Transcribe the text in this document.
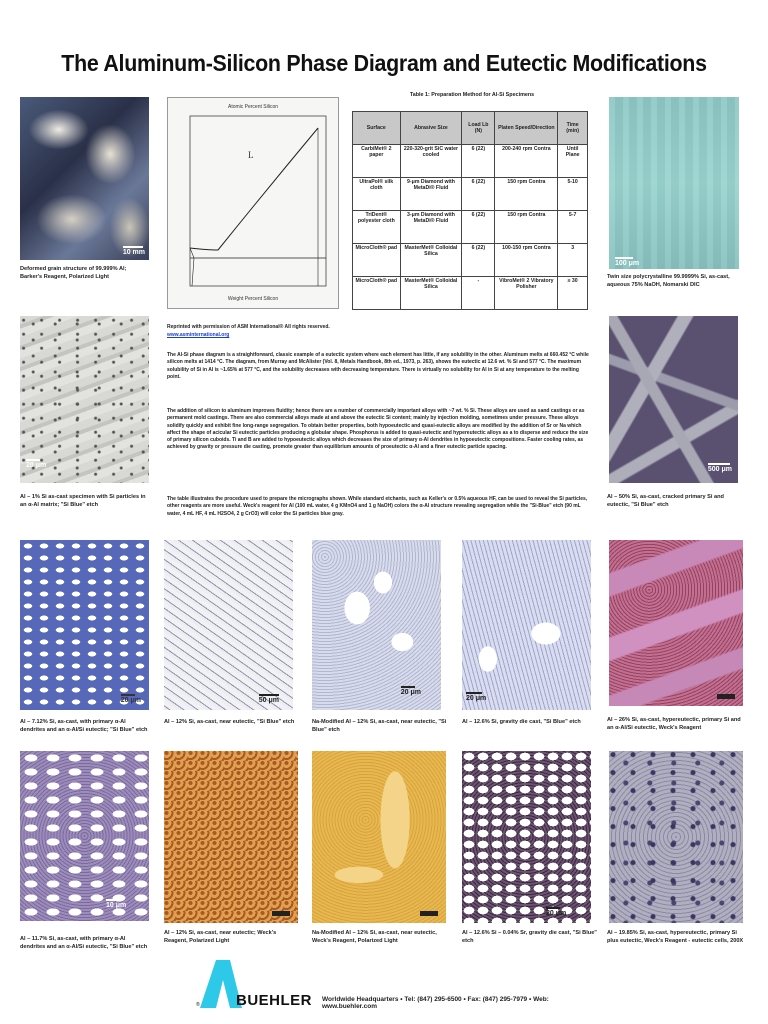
The Aluminum-Silicon Phase Diagram and Eutectic Modifications
10 mm
Deformed grain structure of 99.999% Al; Barker's Reagent, Polarized Light
Atomic Percent Silicon
L
Weight Percent Silicon
Reprinted with permission of ASM International® All rights reserved.
www.asminternational.org
Table 1: Preparation Method for Al-Si Specimens
Surface	Abrasive Size	Load Lb (N)	Platen Speed/Direction	Time (min)
CarbiMet® 2 paper	220-320-grit SiC water cooled	6 (22)	200-240 rpm Contra	Until Plane
UltraPol® silk cloth	9-μm Diamond with MetaDi® Fluid	6 (22)	150 rpm Contra	5-10
TriDent® polyester cloth	3-μm Diamond with MetaDi® Fluid	6 (22)	150 rpm Contra	5-7
MicroCloth® pad	MasterMet® Colloidal Silica	6 (22)	100-150 rpm Contra	3
MicroCloth® pad	MasterMet® Colloidal Silica	-	VibroMet® 2 Vibratory Polisher	≥ 30
100 μm
Twin size polycrystalline 99.9999% Si, as-cast, aqueous 75% NaOH, Nomarski DIC
20 μm
Al – 1% Si as-cast specimen with Si particles in an α-Al matrix; "Si Blue" etch
The Al-Si phase diagram is a straightforward, classic example of a eutectic system where each element has little, if any solubility in the other. Aluminum melts at 660.452 °C while silicon melts at 1414 °C. The diagram, from Murray and McAlister (Vol. 8, Metals Handbook, 8th ed., 1973, p. 263), shows the eutectic at 12.6 wt. % Si and 577 °C. The maximum solubility of Si in Al is ~1.65% at 577 °C, and the solubility decreases with decreasing temperature. There is virtually no solubility for Al in Si at any temperature to the melting point.
The addition of silicon to aluminum improves fluidity; hence there are a number of commercially important alloys with ~7 wt. % Si. These alloys are used as sand castings or as permanent mold castings. There are also commercial alloys made at and above the eutectic Si content; mainly by injection molding, sometimes under pressure. These alloys solidify quickly and exhibit fine long-range segregation. To obtain better properties, both hypoeutectic and quasi-eutectic alloys are modified by the addition of Sr or Na which affect the shape of acicular Si eutectic particles producing a globular shape. Phosphorus is added to quasi-eutectic and hypereutectic alloys as a to disperse and reduce the size of primary silicon cuboids. Ti and B are added to hypoeutectic alloys which decreases the size of primary α-Al dendrites in hypoeutectic compositions. Faster cooling rates, as achieved by gravity or pressure die casting, promote greater than equilibrium amounts of proeutectic α-Al and a finer eutectic particle spacing.
The table illustrates the procedure used to prepare the micrographs shown. While standard etchants, such as Keller's or 0.5% aqueous HF, can be used to reveal the Si particles, other reagents are more useful. Weck's reagent for Al (100 mL water, 4 g KMnO4 and 1 g NaOH) colors the α-Al structure revealing segregation while the "Si-Blue" etch (90 mL water, 4 mL HF, 4 mL H2SO4, 2 g CrO3) will color the Si particles blue gray.
500 μm
Al – 50% Si, as-cast, cracked primary Si and eutectic, "Si Blue" etch
20 μm
Al – 7.12% Si, as-cast, with primary α-Al dendrites and an α-Al/Si eutectic; "Si Blue" etch
50 μm
Al – 12% Si, as-cast, near eutectic, "Si Blue" etch
20 μm
Na-Modified Al – 12% Si, as-cast, near eutectic, "Si Blue" etch
20 μm
Al – 12.6% Si, gravity die cast, "Si Blue" etch	Al – 26% Si, as-cast, hypereutectic, primary Si and an α-Al/Si eutectic, Weck's Reagent
10 μm
Al – 11.7% Si, as-cast, with primary α-Al dendrites and an α-Al/Si eutectic, "Si Blue" etch
Al – 12% Si, as-cast, near eutectic; Weck's Reagent, Polarized Light
Na-Modified Al – 12% Si, as-cast, near eutectic, Weck's Reagent, Polarized Light
20 μm
Al – 12.6% Si – 0.04% Sr, gravity die cast, "Si Blue" etch
Al – 19.85% Si, as-cast, hypereutectic, primary Si plus eutectic, Weck's Reagent - eutectic cells, 200X
® BUEHLER Worldwide Headquarters • Tel: (847) 295-6500 • Fax: (847) 295-7979 • Web: www.buehler.com
